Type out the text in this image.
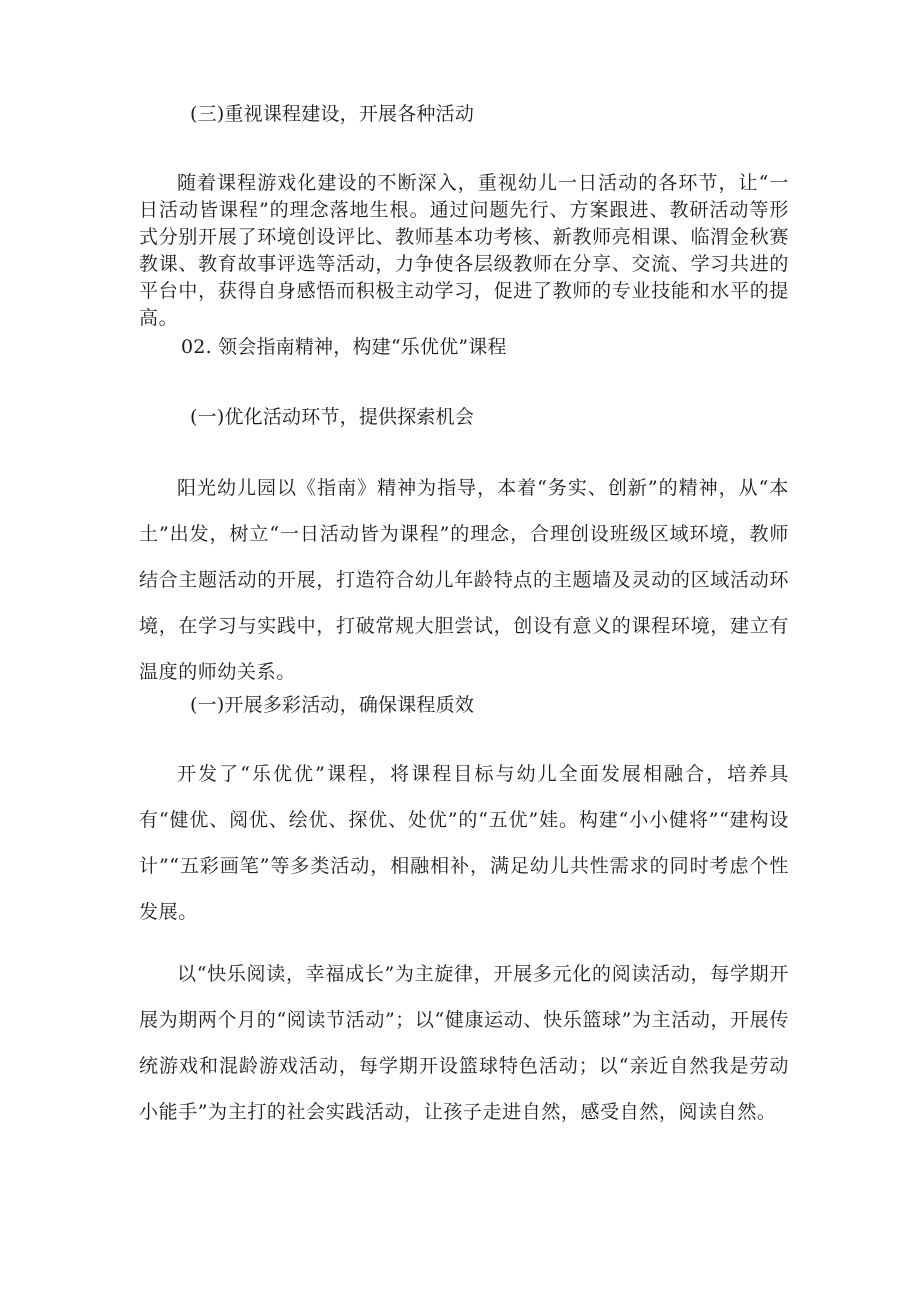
(三)重视课程建设，开展各种活动

随着课程游戏化建设的不断深入，重视幼儿一日活动的各环节，让“一日活动皆课程”的理念落地生根。通过问题先行、方案跟进、教研活动等形式分别开展了环境创设评比、教师基本功考核、新教师亮相课、临渭金秋赛教课、教育故事评选等活动，力争使各层级教师在分享、交流、学习共进的平台中，获得自身感悟而积极主动学习，促进了教师的专业技能和水平的提高。

02. 领会指南精神，构建“乐优优”课程
(一)优化活动环节，提供探索机会

阳光幼儿园以《指南》精神为指导，本着“务实、创新”的精神，从“本土”出发，树立“一日活动皆为课程”的理念，合理创设班级区域环境，教师结合主题活动的开展，打造符合幼儿年龄特点的主题墙及灵动的区域活动环境，在学习与实践中，打破常规大胆尝试，创设有意义的课程环境，建立有温度的师幼关系。

(一)开展多彩活动，确保课程质效

开发了“乐优优”课程，将课程目标与幼儿全面发展相融合，培养具有“健优、阅优、绘优、探优、处优”的“五优”娃。构建“小小健将”“建构设计”“五彩画笔”等多类活动，相融相补，满足幼儿共性需求的同时考虑个性发展。

以“快乐阅读，幸福成长”为主旋律，开展多元化的阅读活动，每学期开展为期两个月的“阅读节活动”；以“健康运动、快乐篮球”为主活动，开展传统游戏和混龄游戏活动，每学期开设篮球特色活动；以“亲近自然我是劳动小能手”为主打的社会实践活动，让孩子走进自然，感受自然，阅读自然。
